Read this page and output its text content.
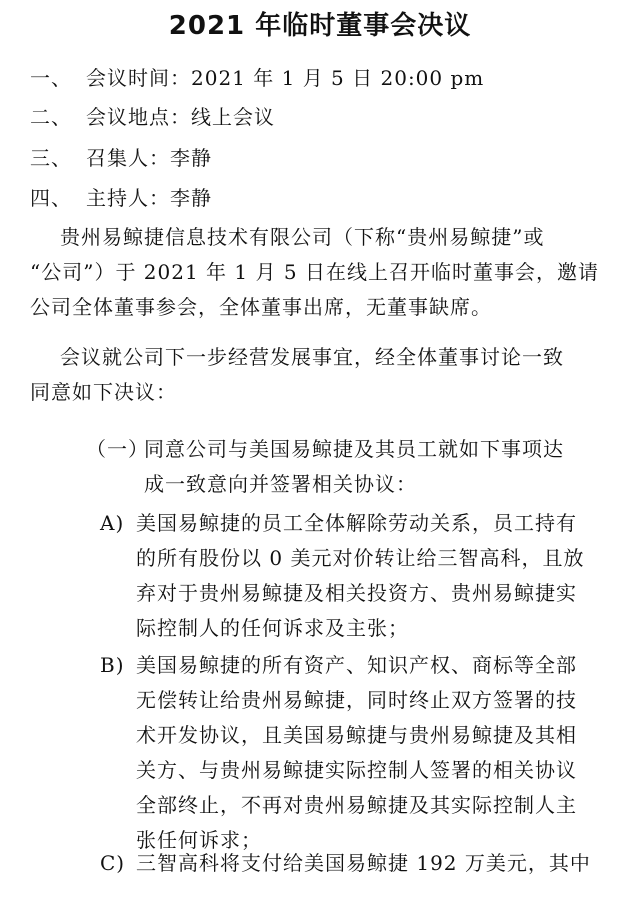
2021 年临时董事会决议
一、 会议时间：2021 年 1 月 5 日 20:00 pm
二、 会议地点：线上会议
三、 召集人：李静
四、 主持人：李静
贵州易鲸捷信息技术有限公司（下称“贵州易鲸捷”或
“公司”）于 2021 年 1 月 5 日在线上召开临时董事会，邀请
公司全体董事参会，全体董事出席，无董事缺席。
会议就公司下一步经营发展事宜，经全体董事讨论一致
同意如下决议：
（一）
同意公司与美国易鲸捷及其员工就如下事项达
成一致意向并签署相关协议：
A) 美国易鲸捷的员工全体解除劳动关系，员工持有
的所有股份以 0 美元对价转让给三智高科，且放
弃对于贵州易鲸捷及相关投资方、贵州易鲸捷实
际控制人的任何诉求及主张；
B) 美国易鲸捷的所有资产、知识产权、商标等全部
无偿转让给贵州易鲸捷，同时终止双方签署的技
术开发协议，且美国易鲸捷与贵州易鲸捷及其相
关方、与贵州易鲸捷实际控制人签署的相关协议
全部终止，不再对贵州易鲸捷及其实际控制人主
张任何诉求；
C) 三智高科将支付给美国易鲸捷 192 万美元，其中
